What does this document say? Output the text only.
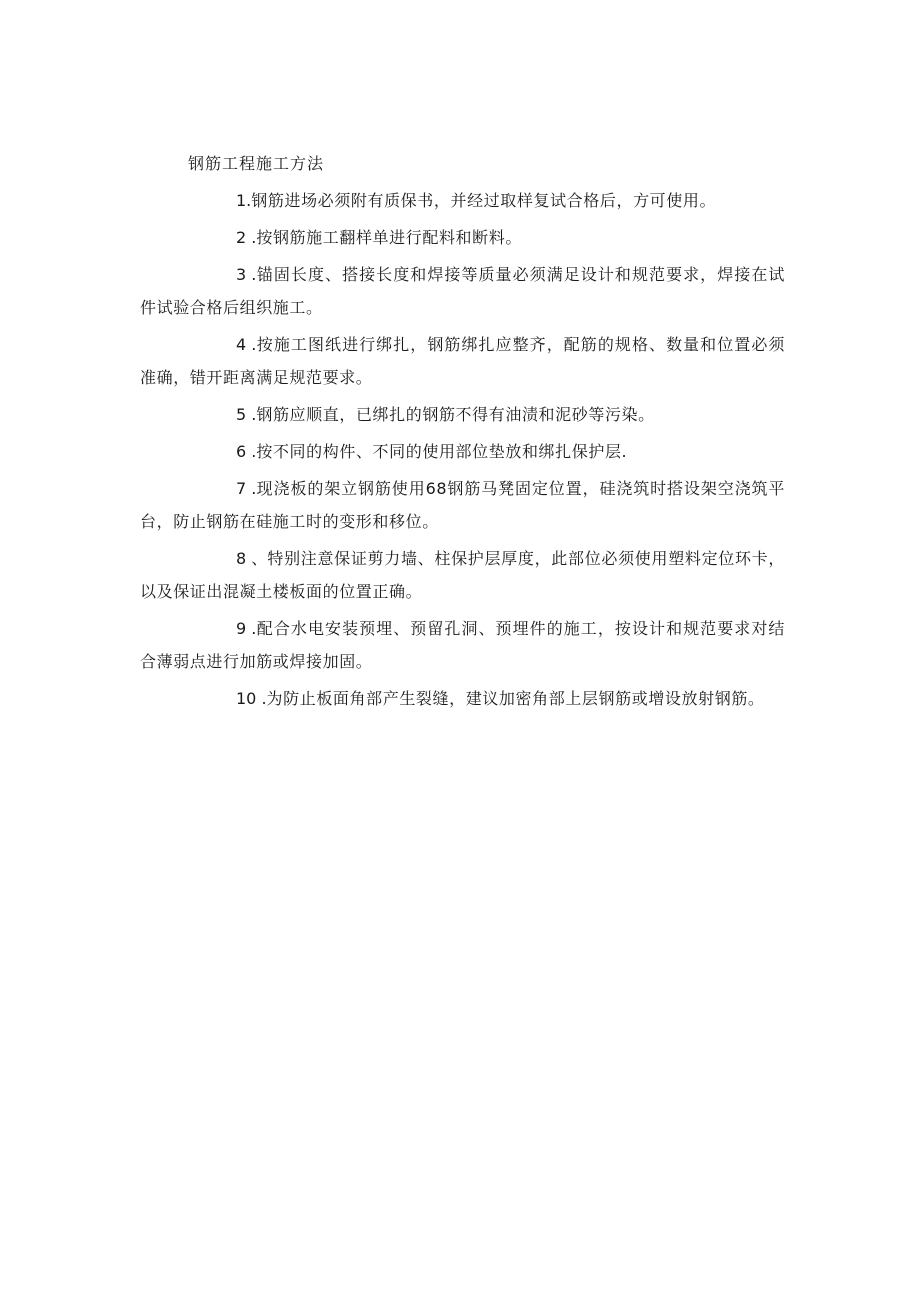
钢筋工程施工方法

1.钢筋进场必须附有质保书，并经过取样复试合格后，方可使用。

2 .按钢筋施工翻样单进行配料和断料。

3 .锚固长度、搭接长度和焊接等质量必须满足设计和规范要求，焊接在试件试验合格后组织施工。

4 .按施工图纸进行绑扎，钢筋绑扎应整齐，配筋的规格、数量和位置必须准确，错开距离满足规范要求。

5 .钢筋应顺直，已绑扎的钢筋不得有油渍和泥砂等污染。

6 .按不同的构件、不同的使用部位垫放和绑扎保护层.

7 .现浇板的架立钢筋使用68钢筋马凳固定位置，硅浇筑时搭设架空浇筑平台，防止钢筋在硅施工时的变形和移位。

8 、特别注意保证剪力墙、柱保护层厚度，此部位必须使用塑料定位环卡，以及保证出混凝土楼板面的位置正确。

9 .配合水电安装预埋、预留孔洞、预埋件的施工，按设计和规范要求对结合薄弱点进行加筋或焊接加固。

10 .为防止板面角部产生裂缝，建议加密角部上层钢筋或增设放射钢筋。
